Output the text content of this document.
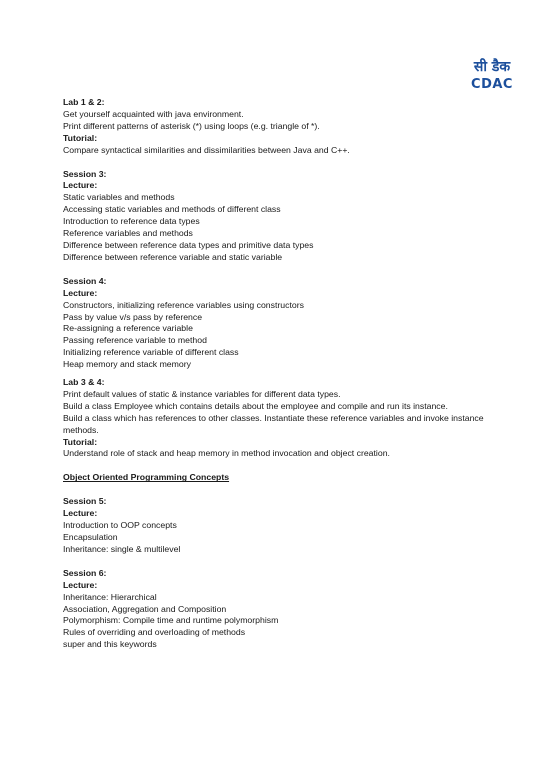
सी डैक
CDAC
Lab 1 & 2:
Get yourself acquainted with java environment.
Print different patterns of asterisk (*) using loops (e.g. triangle of *).
Tutorial:
Compare syntactical similarities and dissimilarities between Java and C++.
Session 3:
Lecture:
Static variables and methods
Accessing static variables and methods of different class
Introduction to reference data types
Reference variables and methods
Difference between reference data types and primitive data types
Difference between reference variable and static variable
Session 4:
Lecture:
Constructors, initializing reference variables using constructors
Pass by value v/s pass by reference
Re-assigning a reference variable
Passing reference variable to method
Initializing reference variable of different class
Heap memory and stack memory
Lab 3 & 4:
Print default values of static & instance variables for different data types.
Build a class Employee which contains details about the employee and compile and run its instance.
Build a class which has references to other classes. Instantiate these reference variables and invoke instance methods.
Tutorial:
Understand role of stack and heap memory in method invocation and object creation.
Object Oriented Programming Concepts
Session 5:
Lecture:
Introduction to OOP concepts
Encapsulation
Inheritance: single & multilevel
Session 6:
Lecture:
Inheritance: Hierarchical
Association, Aggregation and Composition
Polymorphism: Compile time and runtime polymorphism
Rules of overriding and overloading of methods
super and this keywords
